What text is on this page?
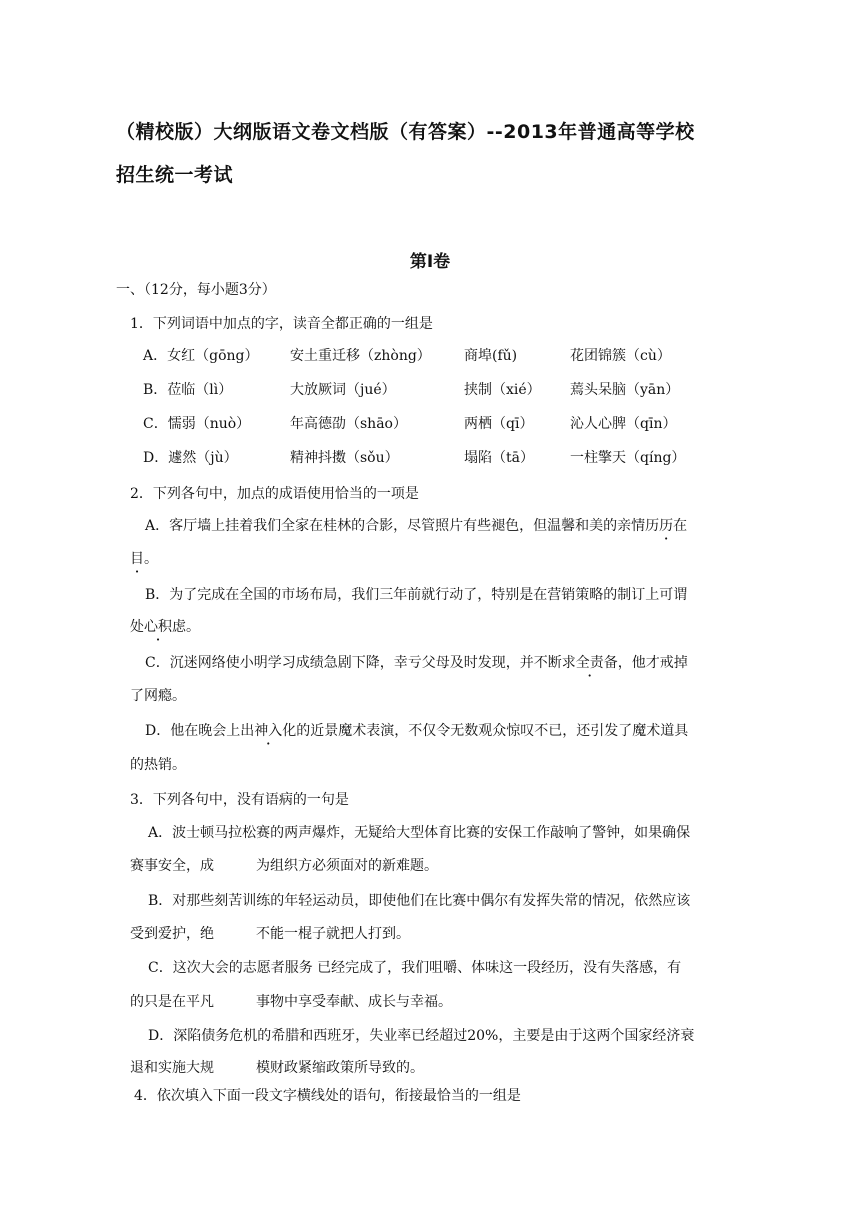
（精校版）大纲版语文卷文档版（有答案）--2013年普通高等学校
招生统一考试
第Ⅰ卷
一、（12分，每小题3分）
1．下列词语中加点的字，读音全都正确的一组是
A．女红（gōng） 安土重迁移（zhòng） 商埠(fǔ)	花团锦簇（cù）
B．莅临（lì）	大放厥词（jué）	挟制（xié） 蔫头呆脑（yān）
C．懦弱（nuò）	年高德劭（shāo）	两栖（qī）	沁人心脾（qīn）
D．遽然（jù）	精神抖擞（sǒu）	塌陷（tā）	一柱擎天（qíng）
2．下列各句中，加点的成语使用恰当的一项是
A．客厅墙上挂着我们全家在桂林的合影，尽管照片有些褪色，但温馨和美的亲情历历在
目。
B．为了完成在全国的市场布局，我们三年前就行动了，特别是在营销策略的制订上可谓
处心积虑。
C．沉迷网络使小明学习成绩急剧下降，幸亏父母及时发现，并不断求全责备，他才戒掉
了网瘾。
D．他在晚会上出神入化的近景魔术表演，不仅令无数观众惊叹不已，还引发了魔术道具
的热销。
3．下列各句中，没有语病的一句是
A．波士顿马拉松赛的两声爆炸，无疑给大型体育比赛的安保工作敲响了警钟，如果确保
赛事安全，成　　　为组织方必须面对的新难题。
B．对那些刻苦训练的年轻运动员，即使他们在比赛中偶尔有发挥失常的情况，依然应该
受到爱护，绝　　　不能一棍子就把人打到。
C．这次大会的志愿者服务 已经完成了，我们咀嚼、体味这一段经历，没有失落感，有
的只是在平凡　　　事物中享受奉献、成长与幸福。
D．深陷债务危机的希腊和西班牙，失业率已经超过20%，主要是由于这两个国家经济衰
退和实施大规　　　模财政紧缩政策所导致的。
4．依次填入下面一段文字横线处的语句，衔接最恰当的一组是
